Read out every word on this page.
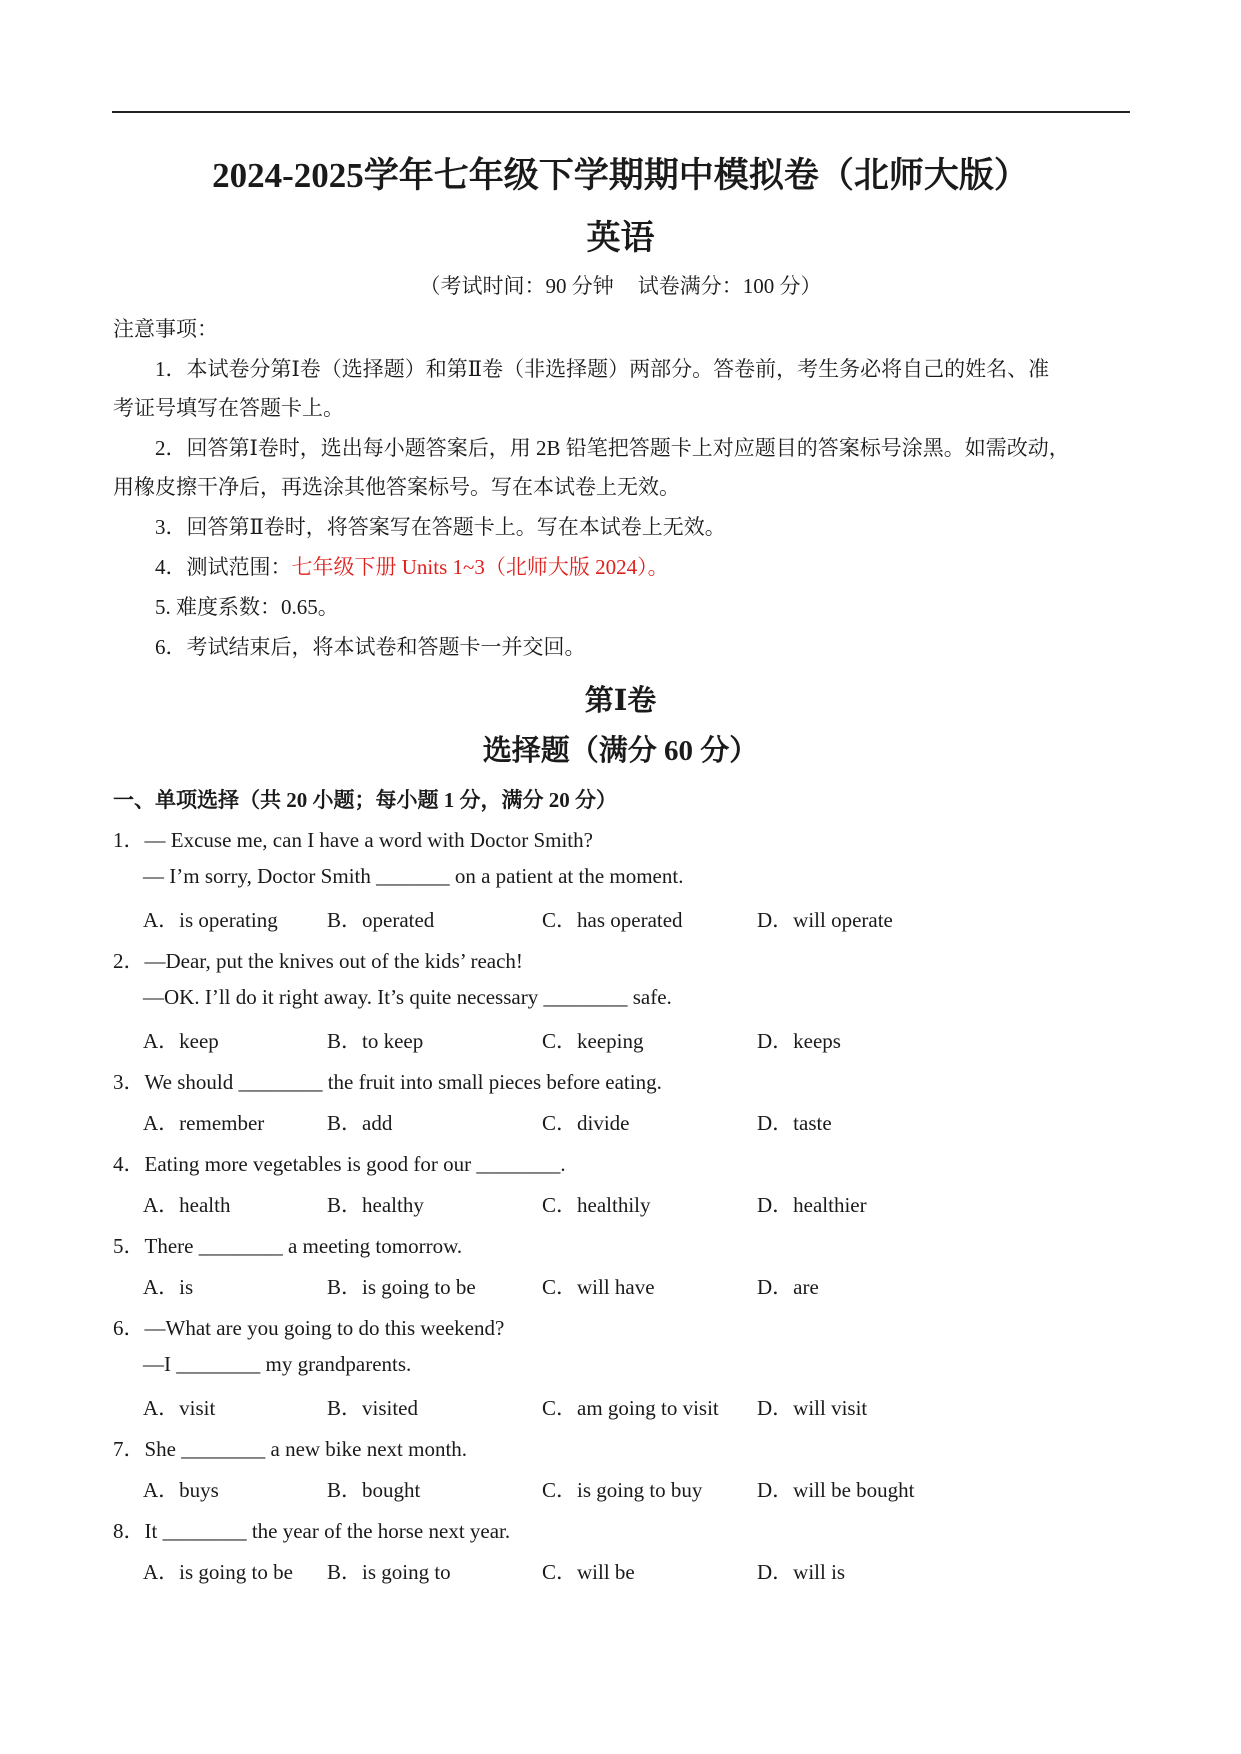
2024-2025学年七年级下学期期中模拟卷（北师大版）
英语
（考试时间：90 分钟 试卷满分：100 分）
注意事项：
1．本试卷分第Ⅰ卷（选择题）和第Ⅱ卷（非选择题）两部分。答卷前，考生务必将自己的姓名、准
考证号填写在答题卡上。
2．回答第Ⅰ卷时，选出每小题答案后，用 2B 铅笔把答题卡上对应题目的答案标号涂黑。如需改动，
用橡皮擦干净后，再选涂其他答案标号。写在本试卷上无效。
3．回答第Ⅱ卷时，将答案写在答题卡上。写在本试卷上无效。
4．测试范围：七年级下册 Units 1~3（北师大版 2024）。
5. 难度系数：0.65。
6．考试结束后，将本试卷和答题卡一并交回。
第Ⅰ卷
选择题（满分 60 分）
一、单项选择（共 20 小题；每小题 1 分，满分 20 分）
1．— Excuse me, can I have a word with Doctor Smith?
— I’m sorry, Doctor Smith _______ on a patient at the moment.
A．is operating B．operated	C．has operated	D．will operate
2．—Dear, put the knives out of the kids’ reach!
—OK. I’ll do it right away. It’s quite necessary ________ safe.
A．keep	B．to keep	C．keeping	D．keeps
3．We should ________ the fruit into small pieces before eating.
A．remember	B．add	C．divide	D．taste
4．Eating more vegetables is good for our ________.
A．health	B．healthy	C．healthily	D．healthier
5．There ________ a meeting tomorrow.
A．is	B．is going to be	C．will have	D．are
6．—What are you going to do this weekend?
—I ________ my grandparents.
A．visit	B．visited	C．am going to visit D．will visit
7．She ________ a new bike next month.
A．buys	B．bought	C．is going to buy	D．will be bought
8．It ________ the year of the horse next year.
A．is going to be B．is going to	C．will be	D．will is
